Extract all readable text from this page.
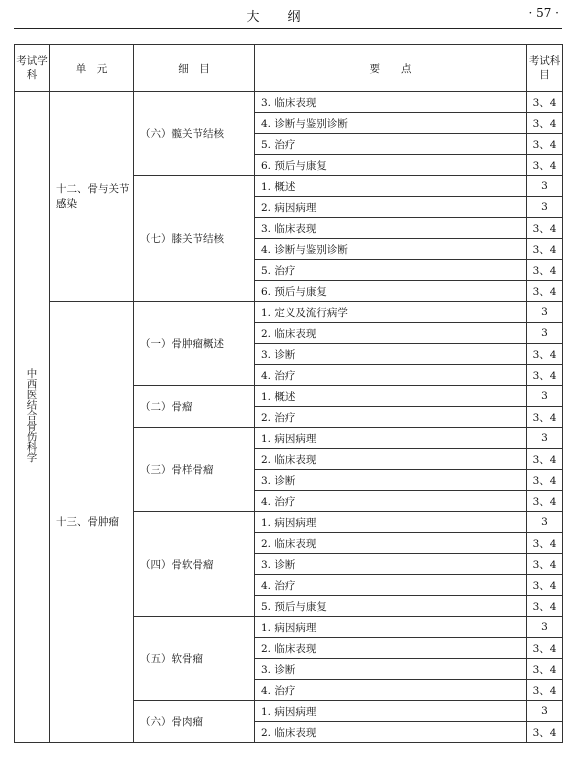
大纲	· 57 ·
考试学科	单　元	细　目	要　　点	考试科目
中西医结合骨伤科学	十二、骨与关节感染	（六）髋关节结核	3. 临床表现	3、4
			4. 诊断与鉴别诊断	3、4
			5. 治疗	3、4
			6. 预后与康复	3、4
		（七）膝关节结核	1. 概述	3
			2. 病因病理	3
			3. 临床表现	3、4
			4. 诊断与鉴别诊断	3、4
			5. 治疗	3、4
			6. 预后与康复	3、4
	十三、骨肿瘤	（一）骨肿瘤概述	1. 定义及流行病学	3
			2. 临床表现	3
			3. 诊断	3、4
			4. 治疗	3、4
		（二）骨瘤	1. 概述	3
			2. 治疗	3、4
		（三）骨样骨瘤	1. 病因病理	3
			2. 临床表现	3、4
			3. 诊断	3、4
			4. 治疗	3、4
		（四）骨软骨瘤	1. 病因病理	3
			2. 临床表现	3、4
			3. 诊断	3、4
			4. 治疗	3、4
			5. 预后与康复	3、4
		（五）软骨瘤	1. 病因病理	3
			2. 临床表现	3、4
			3. 诊断	3、4
			4. 治疗	3、4
		（六）骨肉瘤	1. 病因病理	3
			2. 临床表现	3、4
